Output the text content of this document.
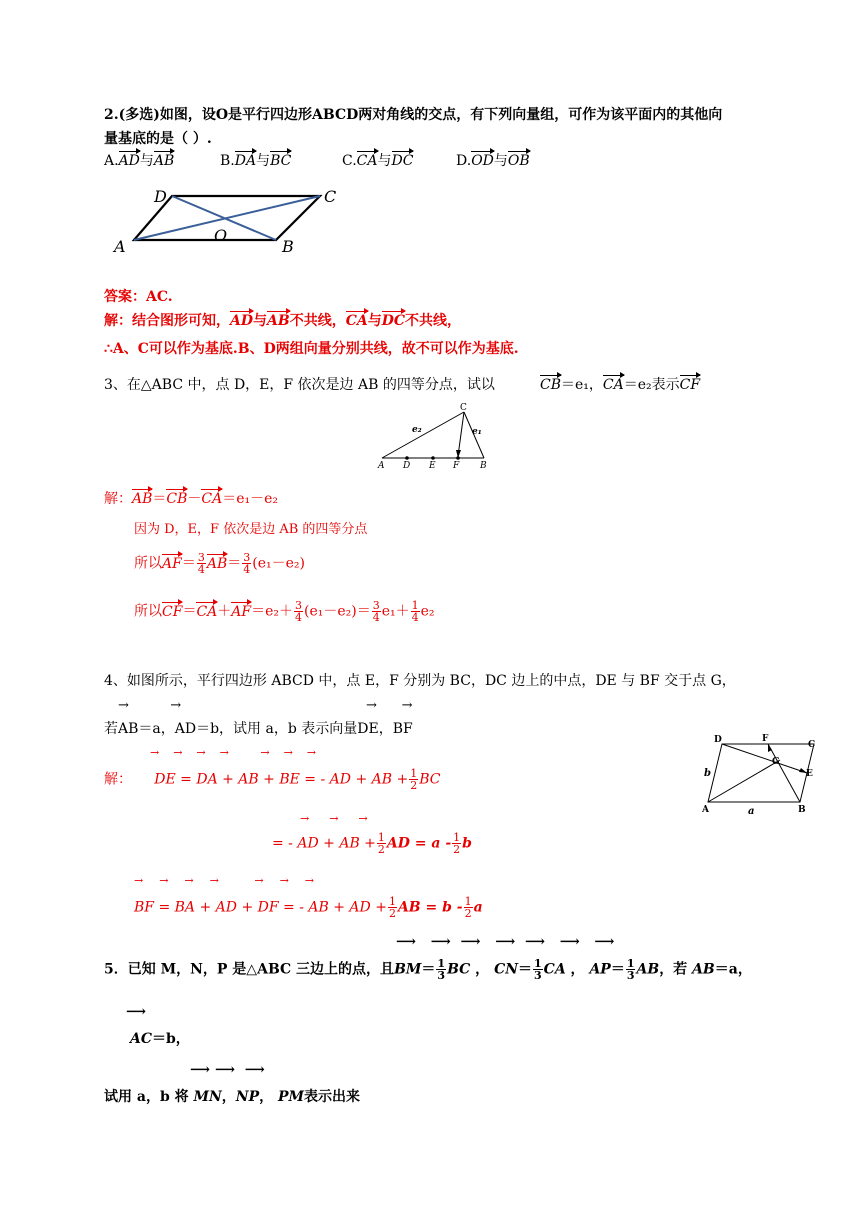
2.(多选)如图，设O是平行四边形ABCD两对角线的交点，有下列向量组，可作为该平面内的其他向
量基底的是（ ）.
A.AD与AB	B.DA与BC	C.CA与DC	D.OD与OB
D	C
A
O
B
答案：AC.
解：结合图形可知，AD与AB不共线，CA与DC不共线，
∴A、C可以作为基底.B、D两组向量分别共线，故不可以作为基底.
3、在△ABC 中，点 D，E，F 依次是边 AB 的四等分点，试以	CB＝e₁，CA＝e₂表示CF
C
e₂	e₁
A D E F B
解：AB＝CB－CA＝e₁－e₂
因为 D，E，F 依次是边 AB 的四等分点
所以$AF= \frac{3}{4} AB= \frac{3}{4} (e_1-e_2)$
所以$CF=CA+AF=e_2+ \frac{3}{4} (e_1-e_2)= \frac{3}{4} e_1+ \frac{1}{4} e_2$
4、如图所示，平行四边形 ABCD 中，点 E，F 分别为 BC，DC 边上的中点，DE 与 BF 交于点 G，
→          →	→      →
若AB＝a，AD＝b，试用 a，b 表示向量DE，BF
D	F
C
b
G
E
A	a	B
→→→→ →→→
解： DE = DA + AB + BE = - AD + AB + $\frac{1}{2}$ BC
→→→
= - AD + AB + $\frac{1}{2}$ AD = a - $\frac{1}{2}$ b
→→→→ →→→
BF = BA + AD + DF = - AB + AD + $\frac{1}{2}$ AB = b - $\frac{1}{2}$ a
⟶   ⟶  ⟶   ⟶  ⟶   ⟶   ⟶
5．已知 M，N，P 是△ABC 三边上的点，且$BM= \frac{1}{3}$ BC ， $CN= \frac{1}{3}$ CA ， $AP= \frac{1}{3}$ AB，若 AB＝a，
⟶
AC＝b，
⟶ ⟶  ⟶
试用 a，b 将 MN，NP， PM表示出来
